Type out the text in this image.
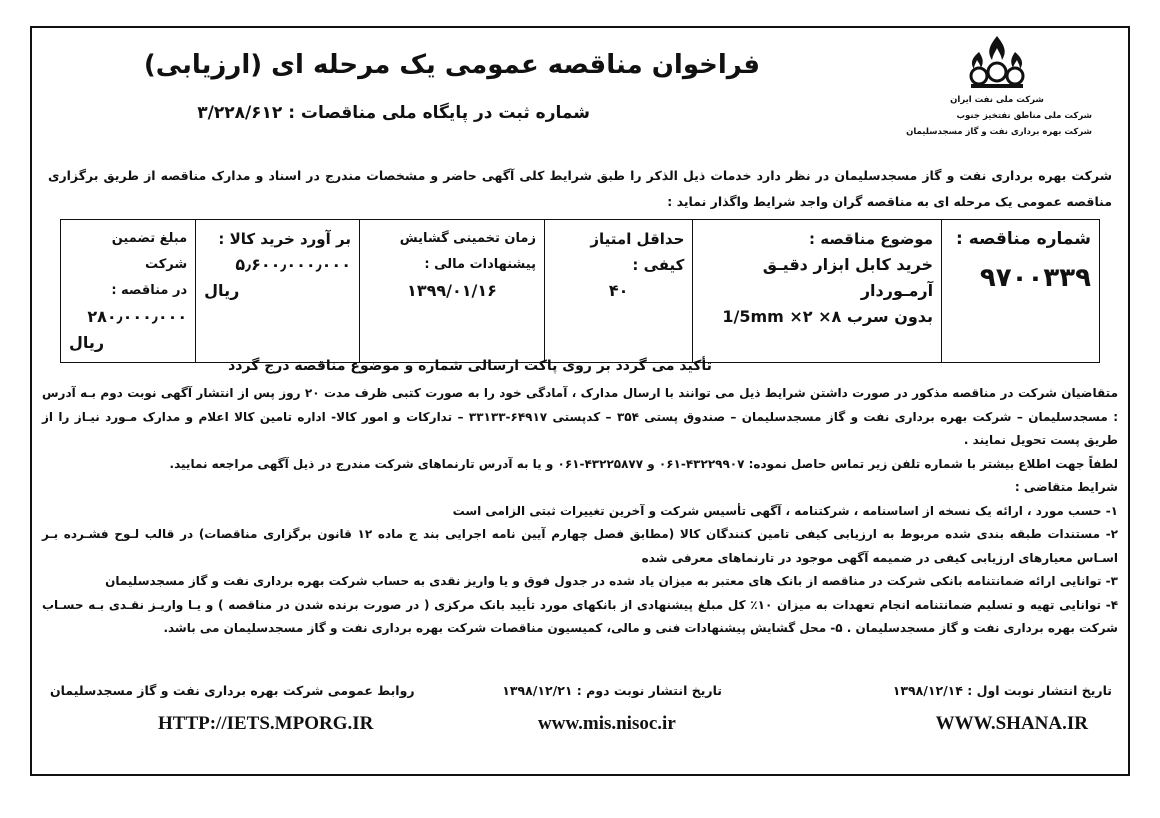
شرکت ملی نفت ایران
شرکت ملی مناطق نفتخیز جنوب
شرکت بهره برداری نفت و گاز مسجدسلیمان
فراخوان مناقصه عمومی یک مرحله ای (ارزیابی)
شماره ثبت در پایگاه ملی مناقصات : ۳/۲۲۸/۶۱۲
شرکت بهره برداری نفت و گاز مسجدسلیمان در نظر دارد خدمات ذیل الذکر را طبق شرایط کلی آگهی حاضر و مشخصات مندرج در اسناد و مدارک مناقصه از طریق برگزاری مناقصه عمومی یک مرحله ای به مناقصه گران واجد شرایط واگذار نماید :
شماره مناقصه :
۹۷۰۰۳۳۹

موضوع مناقصه :
خرید کابل ابزار دقیـق آرمـوردار
بدون سرب 1/5mm ×۲ ×۸

حداقل امتیاز کیفی :
۴۰

زمان تخمینی گشایش
پیشنهادات مالی :
۱۳۹۹/۰۱/۱۶

بر آورد خرید کالا :
۵٫۶۰۰٫۰۰۰٫۰۰۰
ریال

مبلغ تضمین شرکت
در مناقصه :
۲۸۰٫۰۰۰٫۰۰۰
ریال
تأکید می گردد بر روی پاکت ارسالی شماره و موضوع مناقصه درج گردد

متقاضیان شرکت در مناقصه مذکور در صورت داشتن شرایط ذیل می توانند با ارسال مدارک ، آمادگی خود را به صورت کتبی ظرف مدت ۲۰ روز پس از انتشار آگهی نوبت دوم بـه آدرس : مسجدسلیمان – شرکت بهره برداری نفت و گاز مسجدسلیمان – صندوق پستی ۳۵۴ – کدپستی ۶۴۹۱۷-۳۳۱۳۳ – تدارکات و امور کالا- اداره تامین کالا اعلام و مدارک مـورد نیـاز را از طریق پست تحویل نمایند .

لطفاً جهت اطلاع بیشتر با شماره تلفن زیر تماس حاصل نموده: ۴۳۲۲۹۹۰۷-۰۶۱ و ۴۳۲۲۵۸۷۷-۰۶۱ و یا به آدرس تارنماهای شرکت مندرج در ذیل آگهی مراجعه نمایید.

شرایط متقاضی :

۱- حسب مورد ، ارائه یک نسخه از اساسنامه ، شرکتنامه ، آگهی تأسیس شرکت و آخرین تغییرات ثبتی الزامی است

۲- مستندات طبقه بندی شده مربوط به ارزیابی کیفی تامین کنندگان کالا (مطابق فصل چهارم آیین نامه اجرایی بند ج ماده ۱۲ قانون برگزاری مناقصات) در قالب لـوح فشـرده بـر اسـاس معیارهای ارزیابی کیفی در ضمیمه آگهی موجود در تارنماهای معرفی شده

۳- توانایی ارائه ضمانتنامه بانکی شرکت در مناقصه از بانک های معتبر به میزان یاد شده در جدول فوق و یا واریز نقدی به حساب شرکت بهره برداری نفت و گاز مسجدسلیمان

۴- توانایی تهیه و تسلیم ضمانتنامه انجام تعهدات به میزان ۱۰٪ کل مبلغ پیشنهادی از بانکهای مورد تأیید بانک مرکزی ( در صورت برنده شدن در مناقصه ) و یـا واریـز نقـدی بـه حسـاب شرکت بهره برداری نفت و گاز مسجدسلیمان . ۵- محل گشایش پیشنهادات فنی و مالی، کمیسیون مناقصات شرکت بهره برداری نفت و گاز مسجدسلیمان می باشد.

تاریخ انتشار نوبت اول : ۱۳۹۸/۱۲/۱۴
تاریخ انتشار نوبت دوم : ۱۳۹۸/۱۲/۲۱
روابط عمومی شرکت بهره برداری نفت و گاز مسجدسلیمان
WWW.SHANA.IR
www.mis.nisoc.ir
HTTP://IETS.MPORG.IR
